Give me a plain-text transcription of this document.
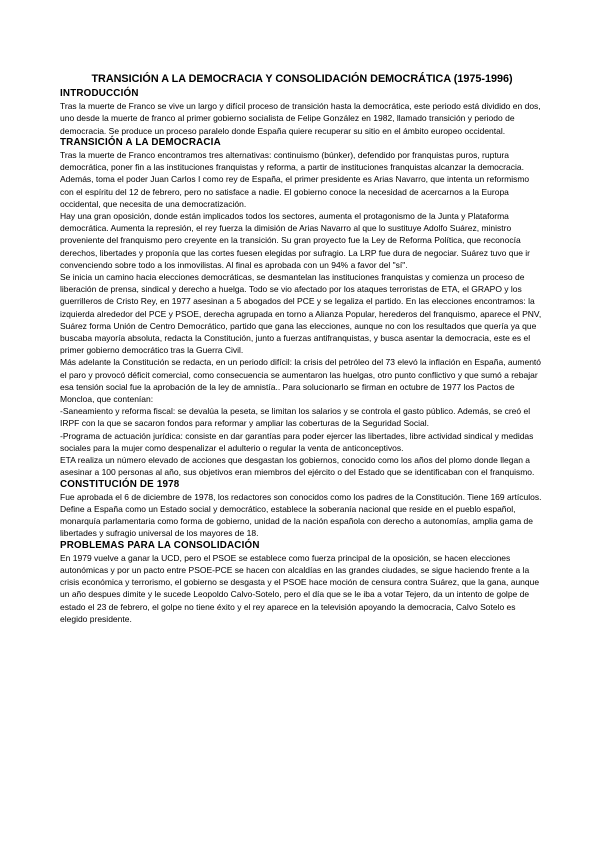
TRANSICIÓN A LA DEMOCRACIA Y CONSOLIDACIÓN DEMOCRÁTICA (1975-1996)
INTRODUCCIÓN

Tras la muerte de Franco se vive un largo y difícil proceso de transición hasta la democrática, este periodo está dividido en dos, uno desde la muerte de franco al primer gobierno socialista de Felipe González en 1982, llamado transición y periodo de democracia. Se produce un proceso paralelo donde España quiere recuperar su sitio en el ámbito europeo occidental.

TRANSICIÓN A LA DEMOCRACIA

Tras la muerte de Franco encontramos tres alternativas: continuismo (búnker), defendido por franquistas puros, ruptura democrática, poner fin a las instituciones franquistas y reforma, a partir de instituciones franquistas alcanzar la democracia.

Además, toma el poder Juan Carlos I como rey de España, el primer presidente es Arias Navarro, que intenta un reformismo con el espíritu del 12 de febrero, pero no satisface a nadie. El gobierno conoce la necesidad de acercarnos a la Europa occidental, que necesita de una democratización.

Hay una gran oposición, donde están implicados todos los sectores, aumenta el protagonismo de la Junta y Plataforma democrática. Aumenta la represión, el rey fuerza la dimisión de Arias Navarro al que lo sustituye Adolfo Suárez, ministro proveniente del franquismo pero creyente en la transición. Su gran proyecto fue la Ley de Reforma Política, que reconocía derechos, libertades y proponía que las cortes fuesen elegidas por sufragio. La LRP fue dura de negociar. Suárez tuvo que ir convenciendo sobre todo a los inmovilistas. Al final es aprobada con un 94% a favor del "sí".

Se inicia un camino hacia elecciones democráticas, se desmantelan las instituciones franquistas y comienza un proceso de liberación de prensa, sindical y derecho a huelga. Todo se vio afectado por los ataques terroristas de ETA, el GRAPO y los guerrilleros de Cristo Rey, en 1977 asesinan a 5 abogados del PCE y se legaliza el partido. En las elecciones encontramos: la izquierda alrededor del PCE y PSOE, derecha agrupada en torno a Alianza Popular, herederos del franquismo, aparece el PNV, Suárez forma Unión de Centro Democrático, partido que gana las elecciones, aunque no con los resultados que quería ya que buscaba mayoría absoluta, redacta la Constitución, junto a fuerzas antifranquistas, y busca asentar la democracia, este es el primer gobierno democrático tras la Guerra Civil.

Más adelante la Constitución se redacta, en un periodo difícil: la crisis del petróleo del 73 elevó la inflación en España, aumentó el paro y provocó déficit comercial, como consecuencia se aumentaron las huelgas, otro punto conflictivo y que sumó a rebajar esa tensión social fue la aprobación de la ley de amnistía.. Para solucionarlo se firman en octubre de 1977 los Pactos de Moncloa, que contenían:

-Saneamiento y reforma fiscal: se devalúa la peseta, se limitan los salarios y se controla el gasto público. Además, se creó el IRPF con la que se sacaron fondos para reformar y ampliar las coberturas de la Seguridad Social.

-Programa de actuación jurídica: consiste en dar garantías para poder ejercer las libertades, libre actividad sindical y medidas sociales para la mujer como despenalizar el adulterio o regular la venta de anticonceptivos.

ETA realiza un número elevado de acciones que desgastan los gobiernos, conocido como los años del plomo donde llegan a asesinar a 100 personas al año, sus objetivos eran miembros del ejército o del Estado que se identificaban con el franquismo.

CONSTITUCIÓN DE 1978

Fue aprobada el 6 de diciembre de 1978, los redactores son conocidos como los padres de la Constitución. Tiene 169 artículos. Define a España como un Estado social y democrático, establece la soberanía nacional que reside en el pueblo español, monarquía parlamentaria como forma de gobierno, unidad de la nación española con derecho a autonomías, amplia gama de libertades y sufragio universal de los mayores de 18.

PROBLEMAS PARA LA CONSOLIDACIÓN

En 1979 vuelve a ganar la UCD, pero el PSOE se establece como fuerza principal de la oposición, se hacen elecciones autonómicas y por un pacto entre PSOE-PCE se hacen con alcaldías en las grandes ciudades, se sigue haciendo frente a la crisis económica y terrorismo, el gobierno se desgasta y el PSOE hace moción de censura contra Suárez, que la gana, aunque un año despues dimite y le sucede Leopoldo Calvo-Sotelo, pero el día que se le iba a votar Tejero, da un intento de golpe de estado el 23 de febrero, el golpe no tiene éxito y el rey aparece en la televisión apoyando la democracia, Calvo Sotelo es elegido presidente.
